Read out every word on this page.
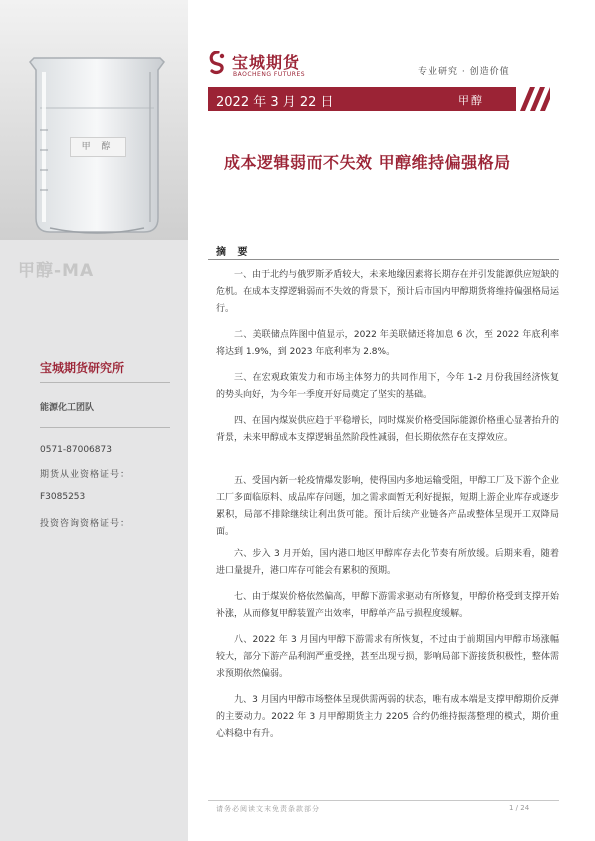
甲 醇
甲醇-MA
宝城期货研究所
能源化工团队
0571-87006873
期货从业资格证号：
F3085253
投资咨询资格证号：
宝城期货
BAOCHENG FUTURES	专业研究 · 创造价值
2022 年 3 月 22 日	甲醇
成本逻辑弱而不失效 甲醇维持偏强格局
摘 要

一、由于北约与俄罗斯矛盾较大，未来地缘因素将长期存在并引发能源供应短缺的危机。在成本支撑逻辑弱而不失效的背景下，预计后市国内甲醇期货将维持偏强格局运行。

二、美联储点阵图中值显示，2022 年美联储还将加息 6 次，至 2022 年底利率将达到 1.9%，到 2023 年底利率为 2.8%。

三、在宏观政策发力和市场主体努力的共同作用下，今年 1-2 月份我国经济恢复的势头向好，为今年一季度开好局奠定了坚实的基础。

四、在国内煤炭供应趋于平稳增长，同时煤炭价格受国际能源价格重心显著抬升的背景，未来甲醇成本支撑逻辑虽然阶段性减弱，但长期依然存在支撑效应。

五、受国内新一轮疫情爆发影响，使得国内多地运输受阻，甲醇工厂及下游个企业工厂多面临原料、成品库存问题，加之需求面暂无利好提振，短期上游企业库存或逐步累积，局部不排除继续让利出货可能。预计后续产业链各产品或整体呈现开工双降局面。

六、步入 3 月开始，国内港口地区甲醇库存去化节奏有所放缓。后期来看，随着进口量提升，港口库存可能会有累积的预期。

七、由于煤炭价格依然偏高，甲醇下游需求驱动有所修复，甲醇价格受到支撑开始补涨，从而修复甲醇装置产出效率，甲醇单产品亏损程度缓解。

八、2022 年 3 月国内甲醇下游需求有所恢复，不过由于前期国内甲醇市场涨幅较大，部分下游产品利润严重受挫，甚至出现亏损，影响局部下游接货积极性，整体需求预期依然偏弱。

九、3 月国内甲醇市场整体呈现供需两弱的状态，唯有成本端是支撑甲醇期价反弹的主要动力。2022 年 3 月甲醇期货主力 2205 合约仍维持振荡整理的模式，期价重心料稳中有升。

请务必阅读文末免责条款部分	1 / 24
